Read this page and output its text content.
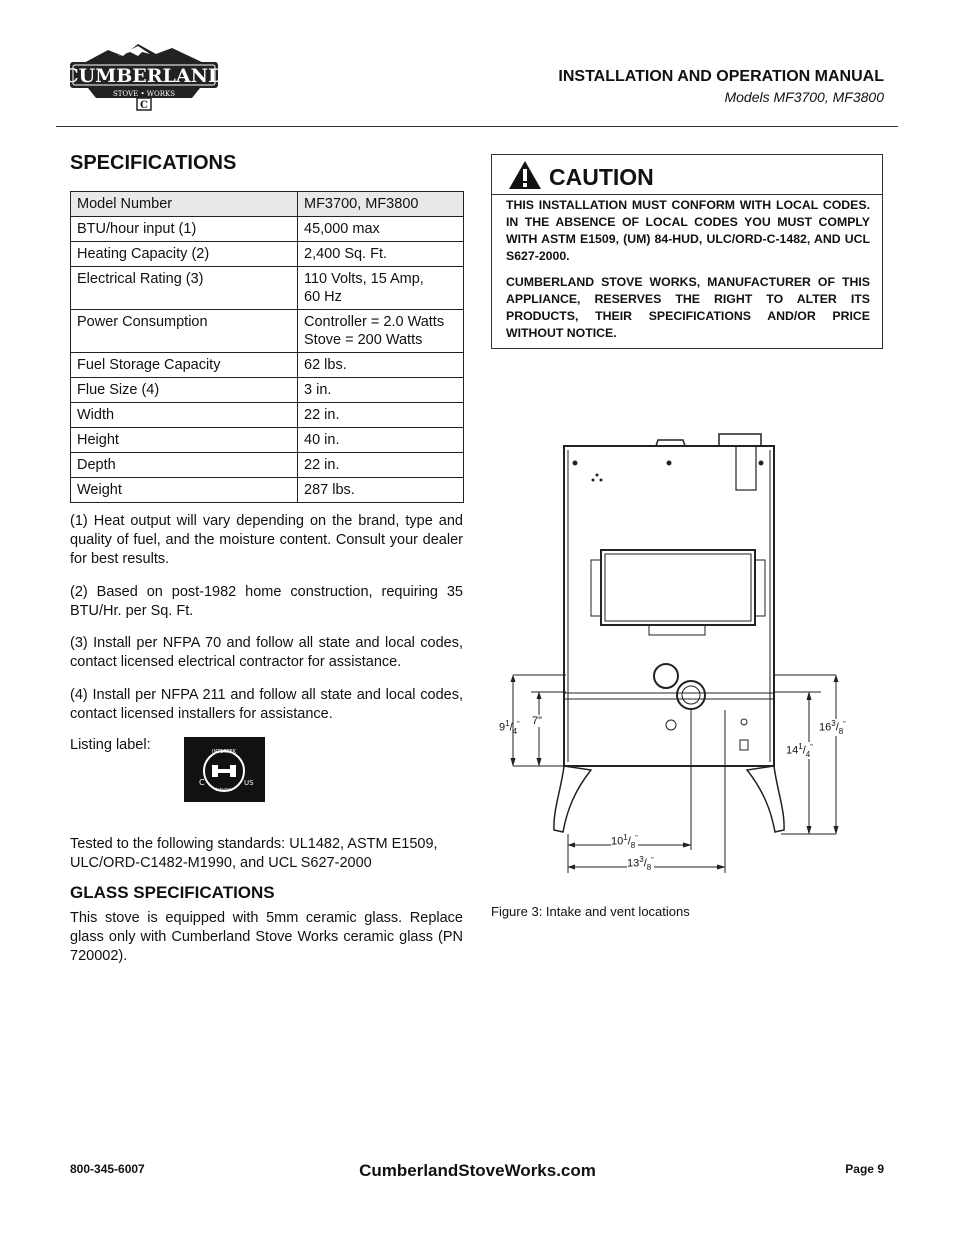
CUMBERLAND
STOVE • WORKS
C
INSTALLATION AND OPERATION MANUAL
Models MF3700, MF3800
SPECIFICATIONS
Model Number	MF3700, MF3800
BTU/hour input (1)	45,000 max
Heating Capacity (2)	2,400 Sq. Ft.
Electrical Rating (3)	110 Volts, 15 Amp,
60 Hz
Power Consumption	Controller = 2.0 Watts
Stove = 200 Watts
Fuel Storage Capacity	62 lbs.
Flue Size (4)	3 in.
Width	22 in.
Height	40 in.
Depth	22 in.
Weight	287 lbs.
(1) Heat output will vary depending on the brand, type and quality of fuel, and the moisture content. Consult your dealer for best results.
(2) Based on post-1982 home construction, requiring 35 BTU/Hr. per Sq. Ft.
(3) Install per NFPA 70 and follow all state and local codes, contact licensed electrical contractor for assistance.
(4) Install per NFPA 211 and follow all state and local codes, contact licensed installers for assistance.
Listing label:	INTERTEK
C	US
Intertek
Tested to the following standards: UL1482, ASTM E1509, ULC/ORD-C1482-M1990, and UCL S627-2000
GLASS SPECIFICATIONS
This stove is equipped with 5mm ceramic glass. Replace glass only with Cumberland Stove Works ceramic glass (PN 720002).
CAUTION
THIS INSTALLATION MUST CONFORM WITH LOCAL CODES. IN THE ABSENCE OF LOCAL CODES YOU MUST COMPLY WITH ASTM E1509, (UM) 84-HUD, ULC/ORD-C-1482, AND UCL S627-2000.
CUMBERLAND STOVE WORKS, MANUFACTURER OF THIS APPLIANCE, RESERVES THE RIGHT TO ALTER ITS PRODUCTS, THEIR SPECIFICATIONS AND/OR PRICE WITHOUT NOTICE.
$9^1/_4^"$ 7"
$16^3/_8^"$
$14^1/_4^"$
$10^1/_8^"$
$13^3/_8^"$
Figure 3: Intake and vent locations
800-345-6007	CumberlandStoveWorks.com	Page 9
